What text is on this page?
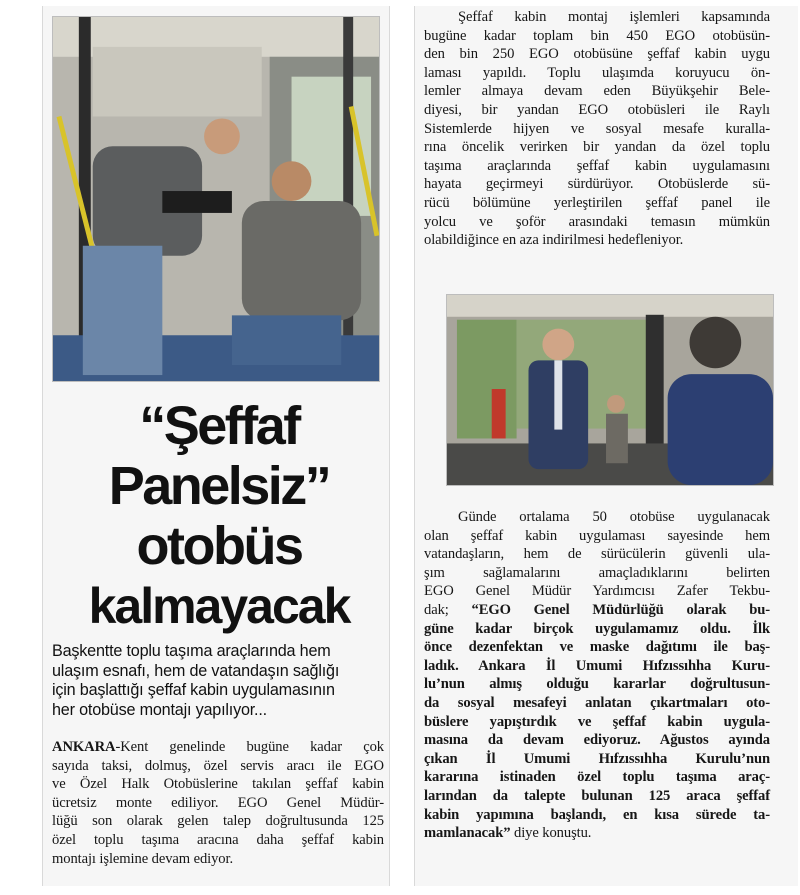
“Şeffaf
Panelsiz”
otobüs
kalmayacak
Başkentte toplu taşıma araçlarında hem
ulaşım esnafı, hem de vatandaşın sağlığı
için başlattığı şeffaf kabin uygulamasının
her otobüse montajı yapılıyor...
ANKARA-Kent genelinde bugüne kadar çok
sayıda taksi, dolmuş, özel servis aracı ile EGO
ve Özel Halk Otobüslerine takılan şeffaf kabin
ücretsiz monte ediliyor. EGO Genel Müdür-
lüğü son olarak gelen talep doğrultusunda 125
özel toplu taşıma aracına daha şeffaf kabin
montajı işlemine devam ediyor.
Şeffaf kabin montaj işlemleri kapsamında
bugüne kadar toplam bin 450 EGO otobüsün-
den bin 250 EGO otobüsüne şeffaf kabin uygu
laması yapıldı. Toplu ulaşımda koruyucu ön-
lemler almaya devam eden Büyükşehir Bele-
diyesi, bir yandan EGO otobüsleri ile Raylı
Sistemlerde hijyen ve sosyal mesafe kuralla-
rına öncelik verirken bir yandan da özel toplu
taşıma araçlarında şeffaf kabin uygulamasını
hayata geçirmeyi sürdürüyor. Otobüslerde sü-
rücü bölümüne yerleştirilen şeffaf panel ile
yolcu ve şoför arasındaki temasın mümkün
olabildiğince en aza indirilmesi hedefleniyor.
Günde ortalama 50 otobüse uygulanacak
olan şeffaf kabin uygulaması sayesinde hem
vatandaşların, hem de sürücülerin güvenli ula-
şım sağlamalarını amaçladıklarını belirten
EGO Genel Müdür Yardımcısı Zafer Tekbu-
dak; “EGO Genel Müdürlüğü olarak bu-
güne kadar birçok uygulamamız oldu. İlk
önce dezenfektan ve maske dağıtımı ile baş-
ladık. Ankara İl Umumi Hıfzıssıhha Kuru-
lu’nun almış olduğu kararlar doğrultusun-
da sosyal mesafeyi anlatan çıkartmaları oto-
büslere yapıştırdık ve şeffaf kabin uygula-
masına da devam ediyoruz. Ağustos ayında
çıkan İl Umumi Hıfzıssıhha Kurulu’nun
kararına istinaden özel toplu taşıma araç-
larından da talepte bulunan 125 araca şeffaf
kabin yapımına başlandı, en kısa sürede ta-
mamlanacak” diye konuştu.
